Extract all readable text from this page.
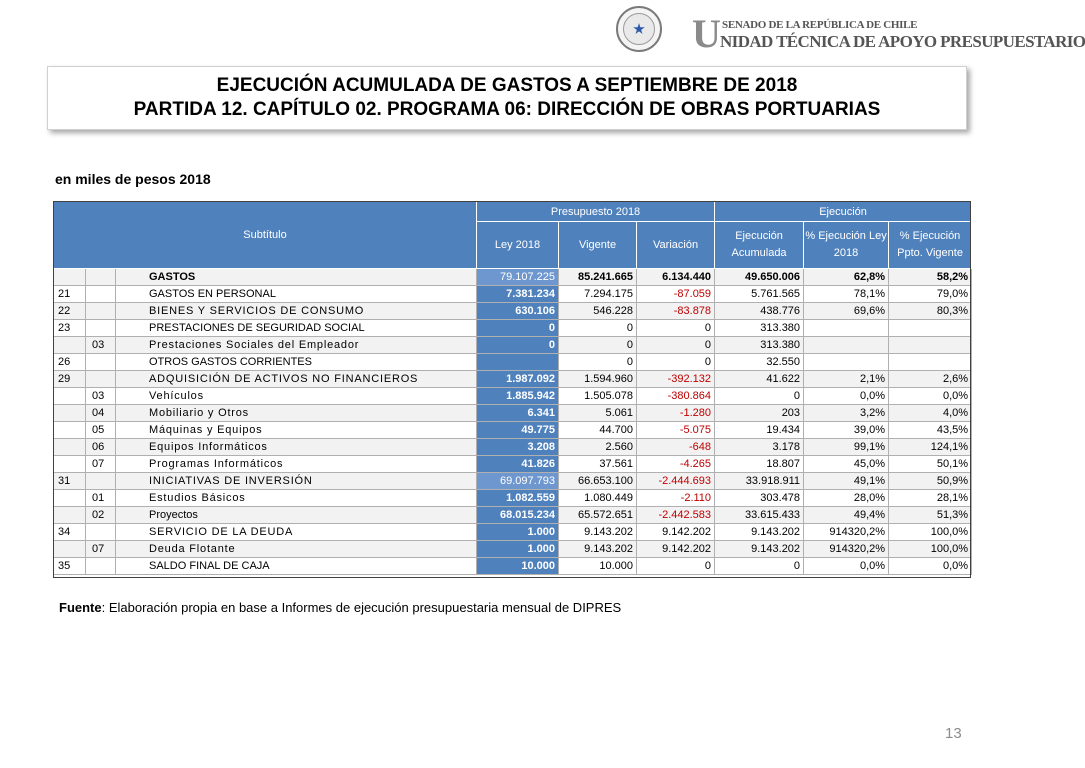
U SENADO DE LA REPÚBLICA DE CHILE
NIDAD TÉCNICA DE APOYO PRESUPUESTARIO
EJECUCIÓN ACUMULADA DE GASTOS A SEPTIEMBRE DE 2018
PARTIDA 12. CAPÍTULO 02. PROGRAMA 06: DIRECCIÓN DE OBRAS PORTUARIAS
en miles de pesos 2018
Subtítulo			Presupuesto 2018			Ejecución		
			Ley 2018	Vigente	Variación	Ejecución Acumulada	% Ejecución Ley 2018	% Ejecución Ppto. Vigente
		GASTOS	79.107.225	85.241.665	6.134.440	49.650.006	62,8%	58,2%
21		GASTOS EN PERSONAL	7.381.234	7.294.175	-87.059	5.761.565	78,1%	79,0%
22		BIENES Y SERVICIOS DE CONSUMO	630.106	546.228	-83.878	438.776	69,6%	80,3%
23		PRESTACIONES DE SEGURIDAD SOCIAL	0	0	0	313.380		
	03	Prestaciones Sociales del Empleador	0	0	0	313.380		
26		OTROS GASTOS CORRIENTES		0	0	32.550		
29		ADQUISICIÓN DE ACTIVOS NO FINANCIEROS	1.987.092	1.594.960	-392.132	41.622	2,1%	2,6%
	03	Vehículos	1.885.942	1.505.078	-380.864	0	0,0%	0,0%
	04	Mobiliario y Otros	6.341	5.061	-1.280	203	3,2%	4,0%
	05	Máquinas y Equipos	49.775	44.700	-5.075	19.434	39,0%	43,5%
	06	Equipos Informáticos	3.208	2.560	-648	3.178	99,1%	124,1%
	07	Programas Informáticos	41.826	37.561	-4.265	18.807	45,0%	50,1%
31		INICIATIVAS DE INVERSIÓN	69.097.793	66.653.100	-2.444.693	33.918.911	49,1%	50,9%
	01	Estudios Básicos	1.082.559	1.080.449	-2.110	303.478	28,0%	28,1%
	02	Proyectos	68.015.234	65.572.651	-2.442.583	33.615.433	49,4%	51,3%
34		SERVICIO DE LA DEUDA	1.000	9.143.202	9.142.202	9.143.202	914320,2%	100,0%
	07	Deuda Flotante	1.000	9.143.202	9.142.202	9.143.202	914320,2%	100,0%
35		SALDO FINAL DE CAJA	10.000	10.000	0	0	0,0%	0,0%
Fuente: Elaboración propia en base a Informes de ejecución presupuestaria mensual de DIPRES
13
